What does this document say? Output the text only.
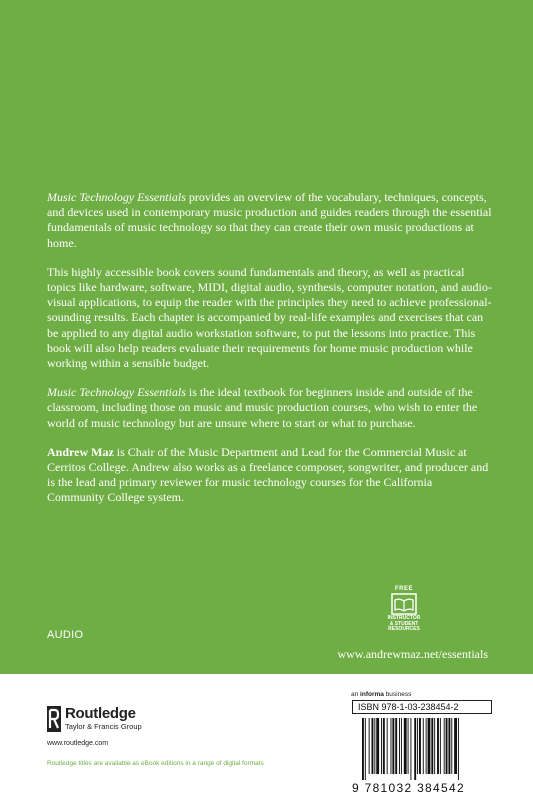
Music Technology Essentials provides an overview of the vocabulary, techniques, concepts, and devices used in contemporary music production and guides readers through the essential fundamentals of music technology so that they can create their own music productions at home.

This highly accessible book covers sound fundamentals and theory, as well as practical topics like hardware, software, MIDI, digital audio, synthesis, computer notation, and audio-visual applications, to equip the reader with the principles they need to achieve professional-sounding results. Each chapter is accompanied by real-life examples and exercises that can be applied to any digital audio workstation software, to put the lessons into practice. This book will also help readers evaluate their requirements for home music production while working within a sensible budget.

Music Technology Essentials is the ideal textbook for beginners inside and outside of the classroom, including those on music and music production courses, who wish to enter the world of music technology but are unsure where to start or what to purchase.

Andrew Maz is Chair of the Music Department and Lead for the Commercial Music at Cerritos College. Andrew also works as a freelance composer, songwriter, and producer and is the lead and primary reviewer for music technology courses for the California Community College system.

FREE
INSTRUCTOR
& STUDENT
RESOURCES
AUDIO
www.andrewmaz.net/essentials
Routledge
Taylor & Francis Group
www.routledge.com
Routledge titles are available as eBook editions in a range of digital formats
an informa business
ISBN 978-1-03-238454-2
9 781032 384542
